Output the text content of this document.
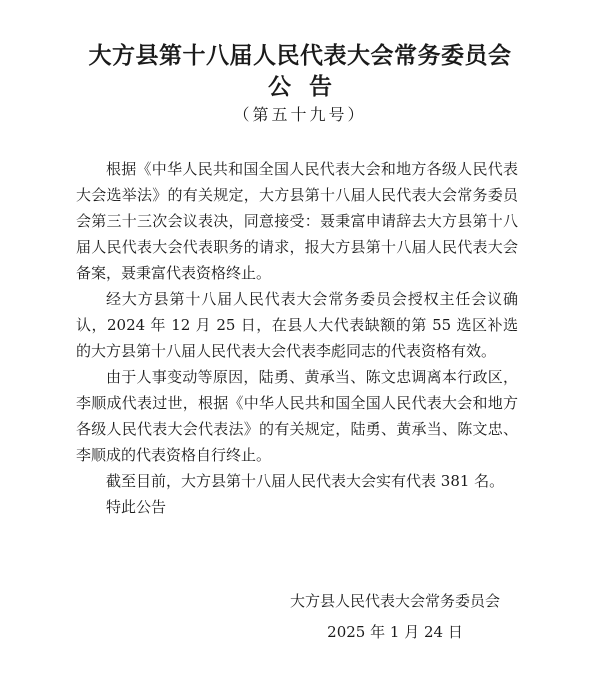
大方县第十八届人民代表大会常务委员会
公告
（第五十九号）

根据《中华人民共和国全国人民代表大会和地方各级人民代表大会选举法》的有关规定，大方县第十八届人民代表大会常务委员会第三十三次会议表决，同意接受：聂秉富申请辞去大方县第十八届人民代表大会代表职务的请求，报大方县第十八届人民代表大会备案，聂秉富代表资格终止。

经大方县第十八届人民代表大会常务委员会授权主任会议确认，2024 年 12 月 25 日，在县人大代表缺额的第 55 选区补选的大方县第十八届人民代表大会代表李彪同志的代表资格有效。

由于人事变动等原因，陆勇、黄承当、陈文忠调离本行政区，李顺成代表过世，根据《中华人民共和国全国人民代表大会和地方各级人民代表大会代表法》的有关规定，陆勇、黄承当、陈文忠、李顺成的代表资格自行终止。

截至目前，大方县第十八届人民代表大会实有代表 381 名。

特此公告

大方县人民代表大会常务委员会
2025 年 1 月 24 日
